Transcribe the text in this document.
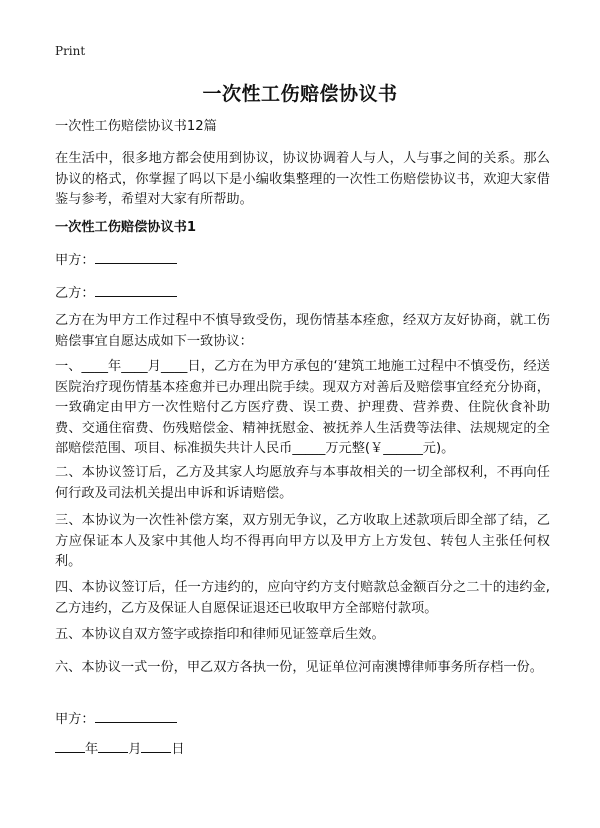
Print
一次性工伤赔偿协议书
一次性工伤赔偿协议书12篇
在生活中，很多地方都会使用到协议，协议协调着人与人，人与事之间的关系。那么协议的格式，你掌握了吗以下是小编收集整理的一次性工伤赔偿协议书，欢迎大家借鉴与参考，希望对大家有所帮助。
一次性工伤赔偿协议书1
甲方：
乙方：
乙方在为甲方工作过程中不慎导致受伤，现伤情基本痊愈，经双方友好协商，就工伤赔偿事宜自愿达成如下一致协议：
一、____年____月____日，乙方在为甲方承包的‘建筑工地施工过程中不慎受伤，经送医院治疗现伤情基本痊愈并已办理出院手续。现双方对善后及赔偿事宜经充分协商，一致确定由甲方一次性赔付乙方医疗费、误工费、护理费、营养费、住院伙食补助费、交通住宿费、伤残赔偿金、精神抚慰金、被抚养人生活费等法律、法规规定的全部赔偿范围、项目、标准损失共计人民币_____万元整(￥______元)。
二、本协议签订后，乙方及其家人均愿放弃与本事故相关的一切全部权利，不再向任何行政及司法机关提出申诉和诉请赔偿。
三、本协议为一次性补偿方案，双方别无争议，乙方收取上述款项后即全部了结，乙方应保证本人及家中其他人均不得再向甲方以及甲方上方发包、转包人主张任何权利。
四、本协议签订后，任一方违约的，应向守约方支付赔款总金额百分之二十的违约金,乙方违约，乙方及保证人自愿保证退还已收取甲方全部赔付款项。
五、本协议自双方签字或捺指印和律师见证签章后生效。
六、本协议一式一份，甲乙双方各执一份，见证单位河南澳博律师事务所存档一份。
甲方：
年 月 日
